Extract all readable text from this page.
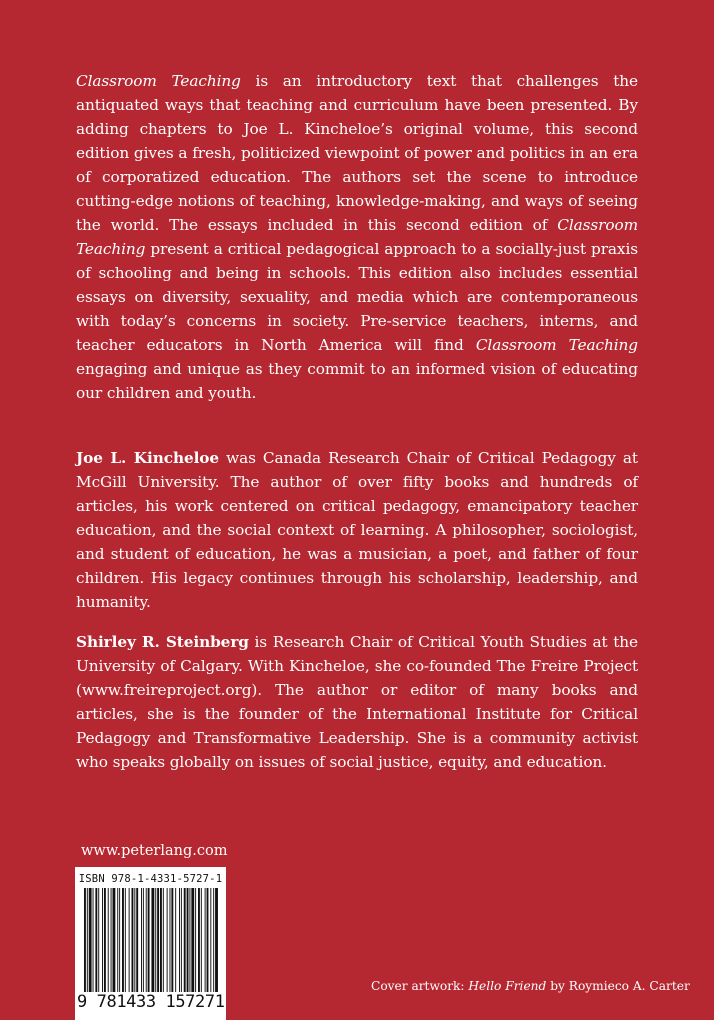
Classroom Teaching is an introductory text that challenges the antiquated ways that teaching and curriculum have been presented. By adding chapters to Joe L. Kincheloe’s original volume, this second edition gives a fresh, politicized viewpoint of power and politics in an era of corporatized education. The authors set the scene to introduce cutting-edge notions of teaching, knowledge-making, and ways of seeing the world. The essays included in this second edition of Classroom Teaching present a critical pedagogical approach to a socially-just praxis of schooling and being in schools. This edition also includes essential essays on diversity, sexuality, and media which are contemporaneous with today’s concerns in society. Pre-service teachers, interns, and teacher educators in North America will find Classroom Teaching engaging and unique as they commit to an informed vision of educating our children and youth.

Joe L. Kincheloe was Canada Research Chair of Critical Pedagogy at McGill University. The author of over fifty books and hundreds of articles, his work centered on critical pedagogy, emancipatory teacher education, and the social context of learning. A philosopher, sociologist, and student of education, he was a musician, a poet, and father of four children. His legacy continues through his scholarship, leadership, and humanity.

Shirley R. Steinberg is Research Chair of Critical Youth Studies at the University of Calgary. With Kincheloe, she co-founded The Freire Project (www.freireproject.org). The author or editor of many books and articles, she is the founder of the International Institute for Critical Pedagogy and Transformative Leadership. She is a community activist who speaks globally on issues of social justice, equity, and education.

www.peterlang.com
ISBN 978-1-4331-5727-1
9 781433 157271
Cover artwork: Hello Friend by Roymieco A. Carter
